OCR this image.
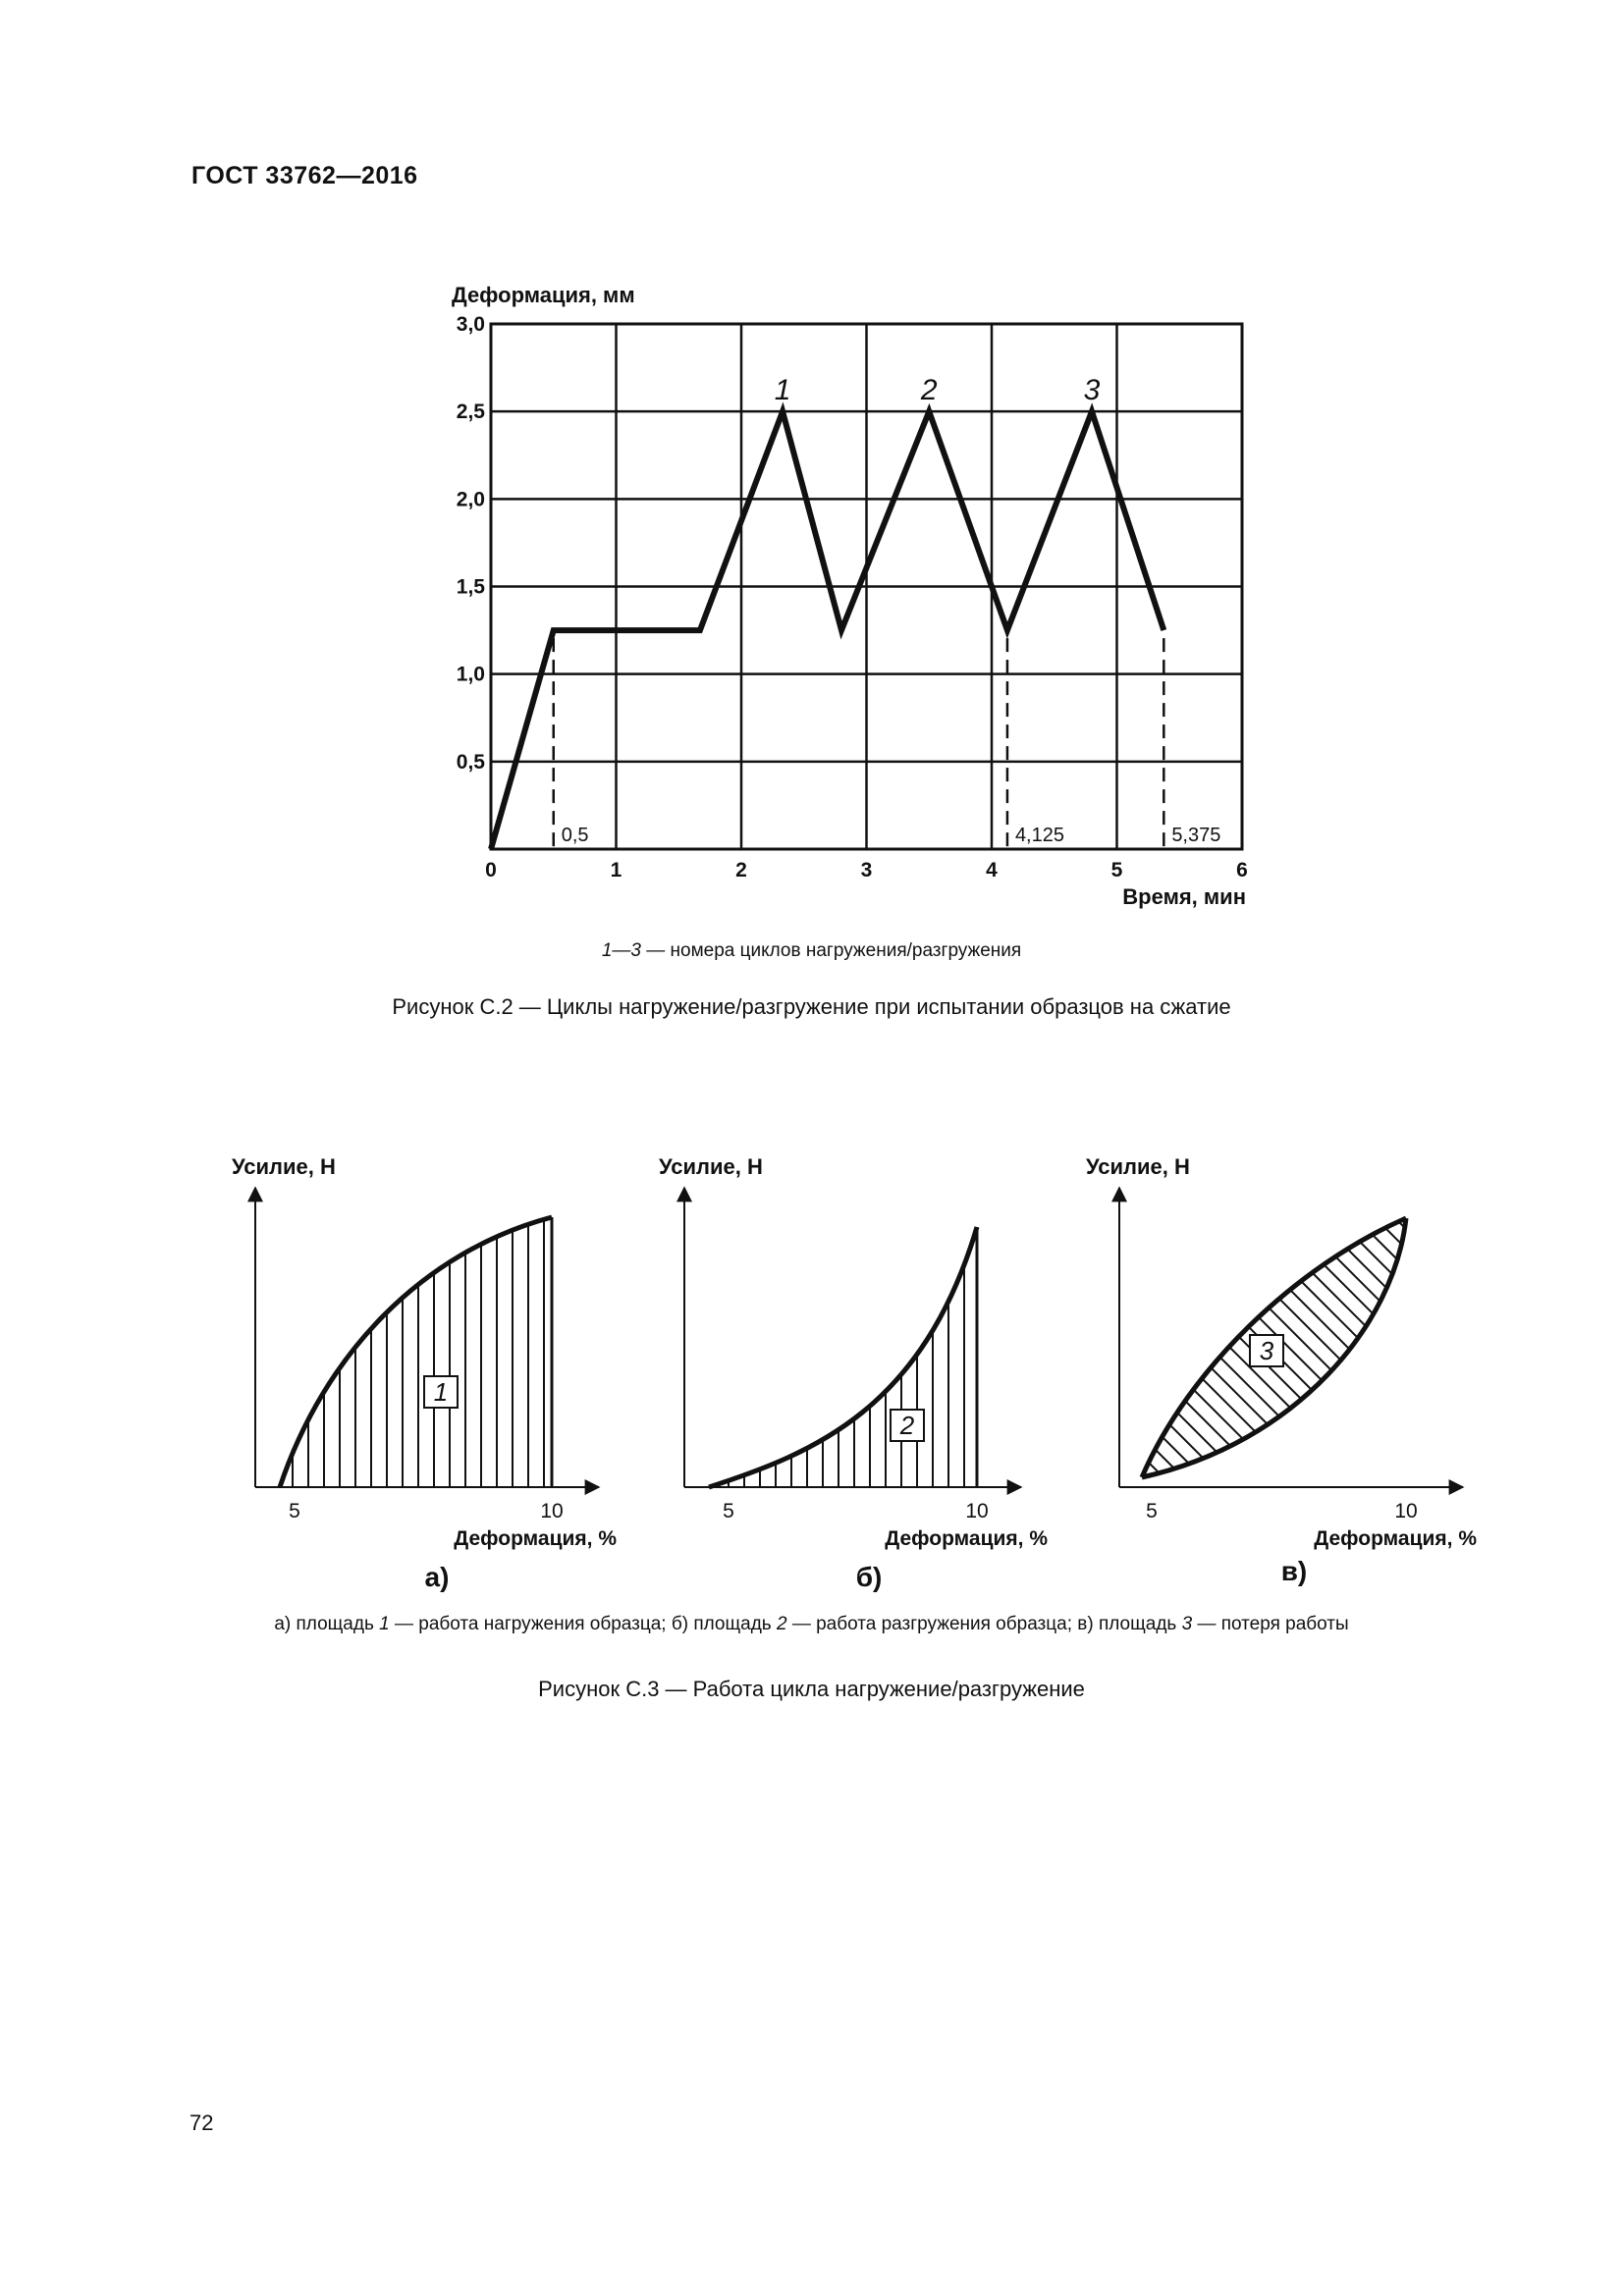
ГОСТ 33762—2016
0,5	4,125	5,375
1	2	3
0	1	2	3	4	5	6
0,5
1,0
1,5
2,0
2,5
3,0
Деформация, мм
Время, мин
1—3 — номера циклов нагружения/разгружения
Рисунок С.2 — Циклы нагружение/разгружение при испытании образцов на сжатие
1
Усилие, Н
5	10
Деформация, %
а)
2
Усилие, Н
5	10
Деформация, %
б)
3
Усилие, Н
5	10
Деформация, %
в)
а) площадь 1 — работа нагружения образца; б) площадь 2 — работа разгружения образца; в) площадь 3 — потеря работы
Рисунок С.3 — Работа цикла нагружение/разгружение
72
